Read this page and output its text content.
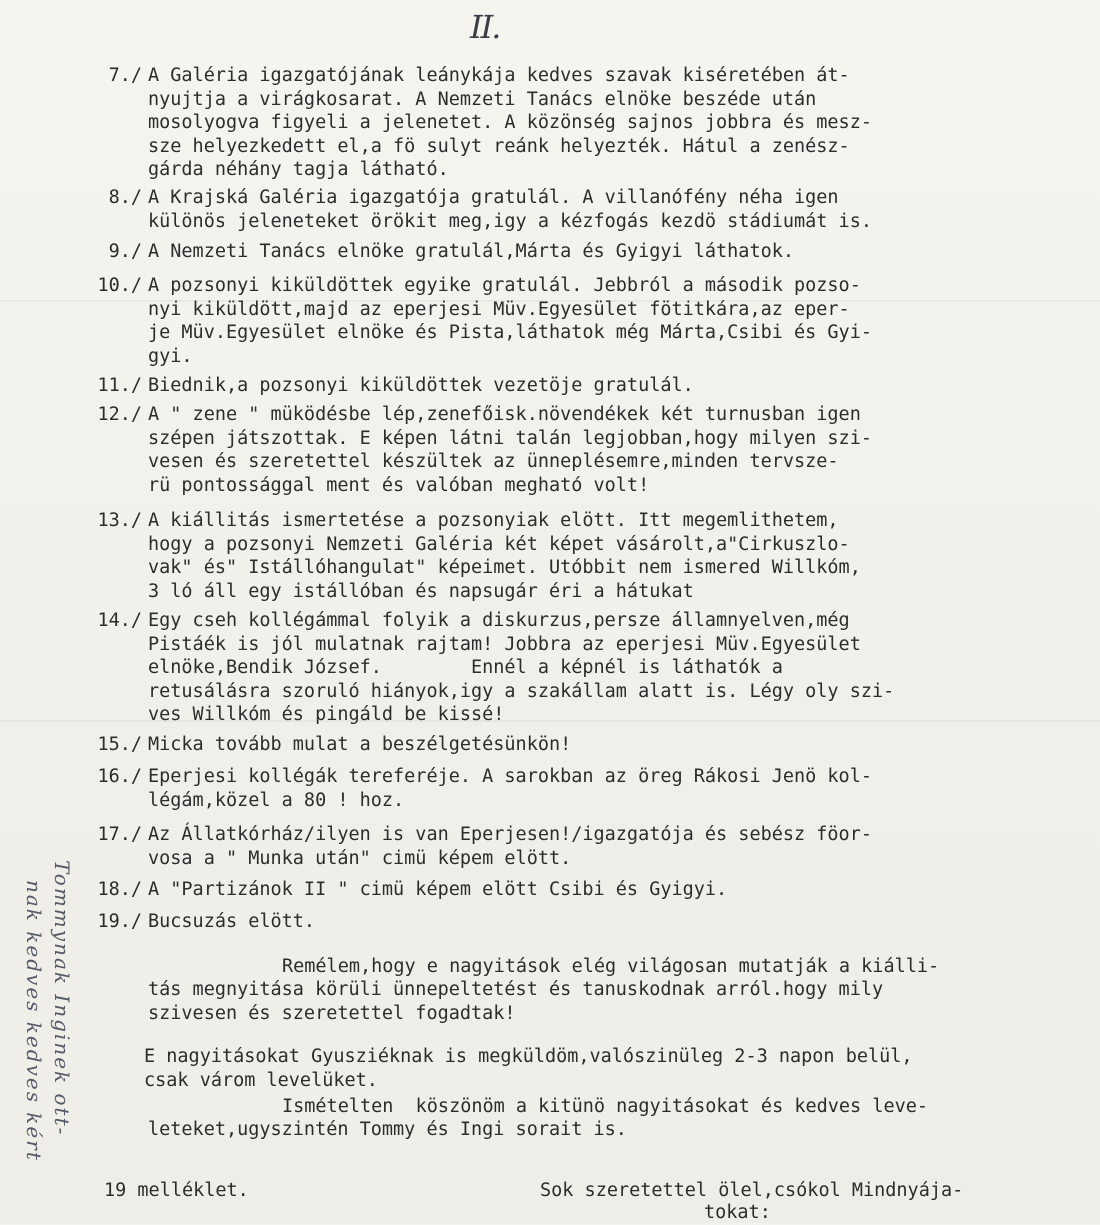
II.
7./ A Galéria igazgatójának leánykája kedves szavak kiséretében át-
nyujtja a virágkosarat. A Nemzeti Tanács elnöke beszéde után
mosolyogva figyeli a jelenetet. A közönség sajnos jobbra és mesz-
sze helyezkedett el,a fö sulyt reánk helyezték. Hátul a zenész-
gárda néhány tagja látható.
8./ A Krajská Galéria igazgatója gratulál. A villanófény néha igen
különös jeleneteket örökit meg,igy a kézfogás kezdö stádiumát is.
9./ A Nemzeti Tanács elnöke gratulál,Márta és Gyigyi láthatok.
10./ A pozsonyi kiküldöttek egyike gratulál. Jebbról a második pozso-
nyi kiküldött,majd az eperjesi Müv.Egyesület fötitkára,az eper-
je Müv.Egyesület elnöke és Pista,láthatok még Márta,Csibi és Gyi-
gyi.
11./ Biednik,a pozsonyi kiküldöttek vezetöje gratulál.
12./ A " zene " müködésbe lép,zenefőisk.növendékek két turnusban igen
szépen játszottak. E képen látni talán legjobban,hogy milyen szi-
vesen és szeretettel készültek az ünneplésemre,minden tervsze-
rü pontossággal ment és valóban megható volt!
13./ A kiállitás ismertetése a pozsonyiak elött. Itt megemlithetem,
hogy a pozsonyi Nemzeti Galéria két képet vásárolt,a"Cirkuszlo-
vak" és" Istállóhangulat" képeimet. Utóbbit nem ismered Willkóm,
3 ló áll egy istállóban és napsugár éri a hátukat
14./ Egy cseh kollégámmal folyik a diskurzus,persze államnyelven,még
Pistáék is jól mulatnak rajtam! Jobbra az eperjesi Müv.Egyesület
elnöke,Bendik József.        Ennél a képnél is láthatók a
retusálásra szoruló hiányok,igy a szakállam alatt is. Légy oly szi-
ves Willkóm és pingáld be kissé!
15./ Micka tovább mulat a beszélgetésünkön!
16./ Eperjesi kollégák tereferéje. A sarokban az öreg Rákosi Jenö kol-
légám,közel a 80 ! hoz.
17./ Az Állatkórház/ilyen is van Eperjesen!/igazgatója és sebész föor-
vosa a " Munka után" cimü képem elött.
18./ A "Partizánok II " cimü képem elött Csibi és Gyigyi.
19./ Bucsuzás elött.
Remélem,hogy e nagyitások elég világosan mutatják a kiálli-
tás megnyitása körüli ünnepeltetést és tanuskodnak arról.hogy mily
szivesen és szeretettel fogadtak!
E nagyitásokat Gyusziéknak is megküldöm,valószinüleg 2-3 napon belül,
csak várom levelüket.
Ismételten  köszönöm a kitünö nagyitásokat és kedves leve-
leteket,ugyszintén Tommy és Ingi sorait is.
19 melléklet.	Sok szeretettel ölel,csókol Mindnyája-
tokat:
Tommynak Inginek ott-
nak kedves kedves kért
